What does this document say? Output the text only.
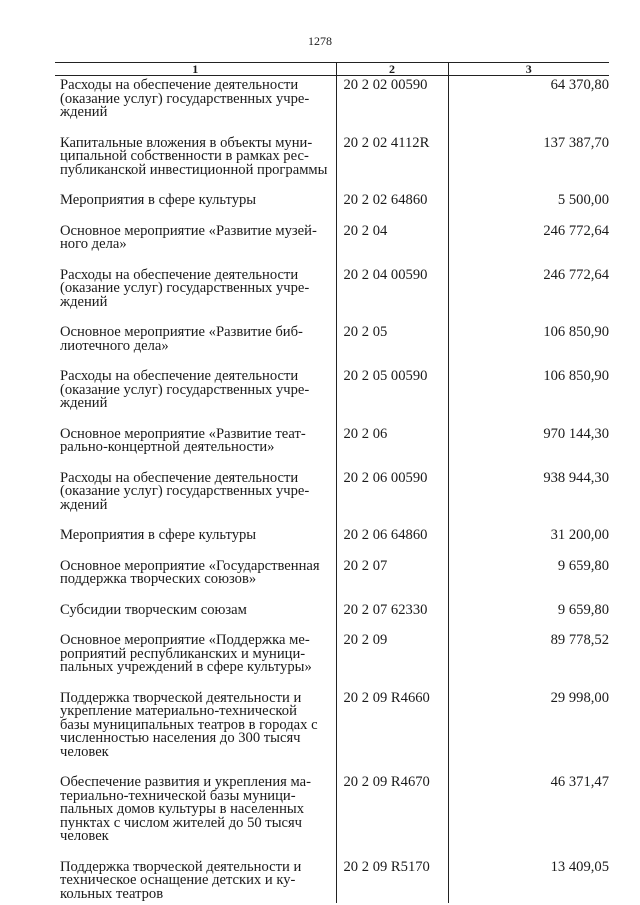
1278
1	2	3
Расходы на обеспечение деятельности (оказание услуг) государственных учреждений	20 2 02 00590	64 370,80
Капитальные вложения в объекты муниципальной собственности в рамках республиканской инвестиционной программы	20 2 02 4112R	137 387,70
Мероприятия в сфере культуры	20 2 02 64860	5 500,00
Основное мероприятие «Развитие музейного дела»	20 2 04	246 772,64
Расходы на обеспечение деятельности (оказание услуг) государственных учреждений	20 2 04 00590	246 772,64
Основное мероприятие «Развитие библиотечного дела»	20 2 05	106 850,90
Расходы на обеспечение деятельности (оказание услуг) государственных учреждений	20 2 05 00590	106 850,90
Основное мероприятие «Развитие театрально-концертной деятельности»	20 2 06	970 144,30
Расходы на обеспечение деятельности (оказание услуг) государственных учреждений	20 2 06 00590	938 944,30
Мероприятия в сфере культуры	20 2 06 64860	31 200,00
Основное мероприятие «Государственная поддержка творческих союзов»	20 2 07	9 659,80
Субсидии творческим союзам	20 2 07 62330	9 659,80
Основное мероприятие «Поддержка мероприятий республиканских и муниципальных учреждений в сфере культуры»	20 2 09	89 778,52
Поддержка творческой деятельности и укрепление материально-технической базы муниципальных театров в городах с численностью населения до 300 тысяч человек	20 2 09 R4660	29 998,00
Обеспечение развития и укрепления материально-технической базы муниципальных домов культуры в населенных пунктах с числом жителей до 50 тысяч человек	20 2 09 R4670	46 371,47
Поддержка творческой деятельности и техническое оснащение детских и кукольных театров	20 2 09 R5170	13 409,05
